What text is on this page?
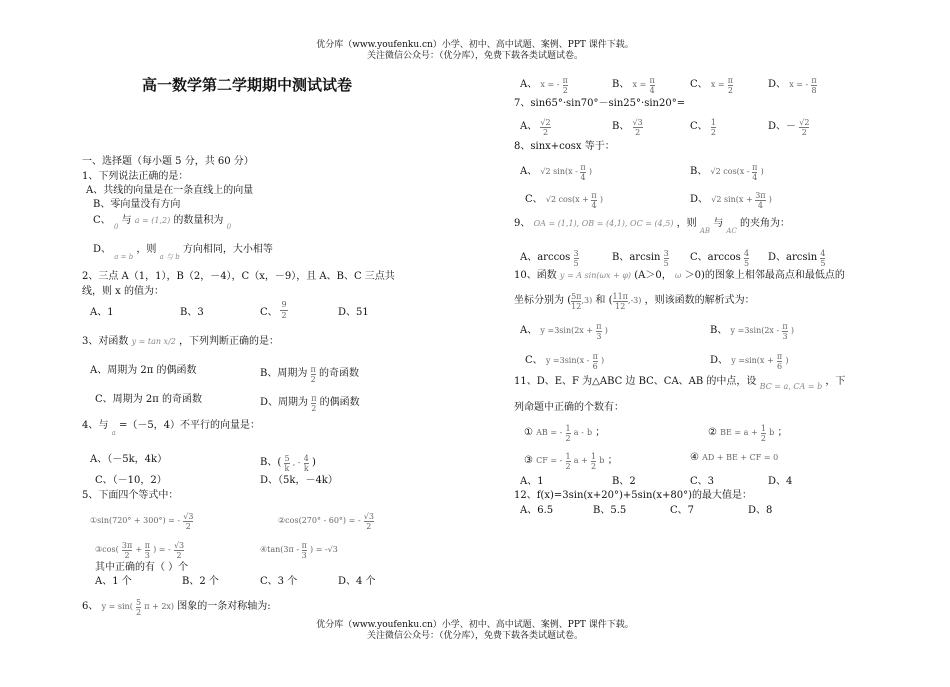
优分库（www.youfenku.cn）小学、初中、高中试题、案例、PPT 课件下载。
关注微信公众号：（优分库），免费下载各类试题试卷。
优分库（www.youfenku.cn）小学、初中、高中试题、案例、PPT 课件下载。
关注微信公众号：（优分库），免费下载各类试题试卷。
高一数学第二学期期中测试试卷
一、选择题（每小题 5 分，共 60 分）
1、下列说法正确的是：
A、共线的向量是在一条直线上的向量
B、零向量没有方向
C、 $_0$ 与 a = (1,2) 的数量积为 $_0$
D、 $_{a = b}$ ，则 $_{a 与 b}$ 方向相同，大小相等
2、三点 A（1，1），B（2，－4），C（x，－9），且 A、B、C 三点共
线，则 x 的值为：
A、1	B、3	C、 $\frac{9}{2}$	D、51
3、对函数 y = tan x/2 ，下列判断正确的是：
A、周期为 2π 的偶函数	B、周期为 $\frac{\pi}{2}$ 的奇函数
C、周期为 2π 的奇函数	D、周期为 $\frac{\pi}{2}$ 的偶函数
4、与 $_a$ =（－5，4）不平行的向量是：
A、（－5k，4k）	B、( $\frac{5}{k}$ , - $\frac{4}{k}$ )
C、（－10，2）	D、（5k，－4k）
5、下面四个等式中：
①sin(720° + 300°) = - $\frac{√3}{2}$	②cos(270° - 60°) = - $\frac{√3}{2}$
③cos( $\frac{3\pi}{2} + \frac{\pi}{3}$ ) = - $\frac{√3}{2}$	④tan(3π - $\frac{\pi}{3}$ ) = -√3
其中正确的有（ ）个
A、1 个	B、2 个	C、3 个	D、4 个
6、 $y = \sin( \frac{5}{2}$ π + 2x) 图象的一条对称轴为:
A、 x = - $\frac{\pi}{2}$	B、 $x = \frac{\pi}{4}$	C、 $x = \frac{\pi}{2}$	D、 x = - $\frac{\pi}{8}$
7、sin65°·sin70°－sin25°·sin20°=
A、 $\frac{√2}{2}$	B、 $\frac{√3}{2}$	C、 $\frac{1}{2}$	D、－ $\frac{√2}{2}$
8、sinx+cosx 等于：
A、 √2 $\sin(x - \frac{\pi}{4}$ )	B、 √2 $\cos(x - \frac{\pi}{4}$ )
C、 √2 $\cos(x + \frac{\pi}{4}$ )	D、 √2 $\sin(x + \frac{3\pi}{4}$ )
9、 OA = (1,1), OB = (4,1), OC = (4,5) ，则 $_{AB}$ 与 $_{AC}$ 的夹角为：
A、$\arccos \frac{3}{5}$	B、$\arcsin \frac{3}{5}$ C、$\arccos \frac{4}{5}$ D、$\arcsin \frac{4}{5}$
10、函数 y = A sin(ωx + φ) (A＞0， ω ＞0)的图象上相邻最高点和最低点的
坐标分别为 ( $\frac{5\pi}{12} ,3$) 和 ( $\frac{11\pi}{12} ,-3$) ，则该函数的解析式为：
A、 $y =3\sin(2x + \frac{\pi}{3}$ )	B、 $y =3\sin(2x - \frac{\pi}{3}$ )
C、 $y =3\sin(x - \frac{\pi}{6}$ )	D、 $y =\sin(x + \frac{\pi}{6}$ )
11、D、E、F 为△ABC 边 BC、CA、AB 的中点，设 $_{BC = a, CA = b}$ ，下
列命题中正确的个数有：
① AB = - $\frac{1}{2}$ a - b ；	② BE = $a + \frac{1}{2}$ b ；
③ CF = - $\frac{1}{2}$ $a + \frac{1}{2}$ b ；	④ AD + BE + CF = 0
A、1	B、2	C、3	D、4
12、f(x)=3sin(x+20°)+5sin(x+80°)的最大值是：
A、6.5	B、5.5	C、7	D、8
